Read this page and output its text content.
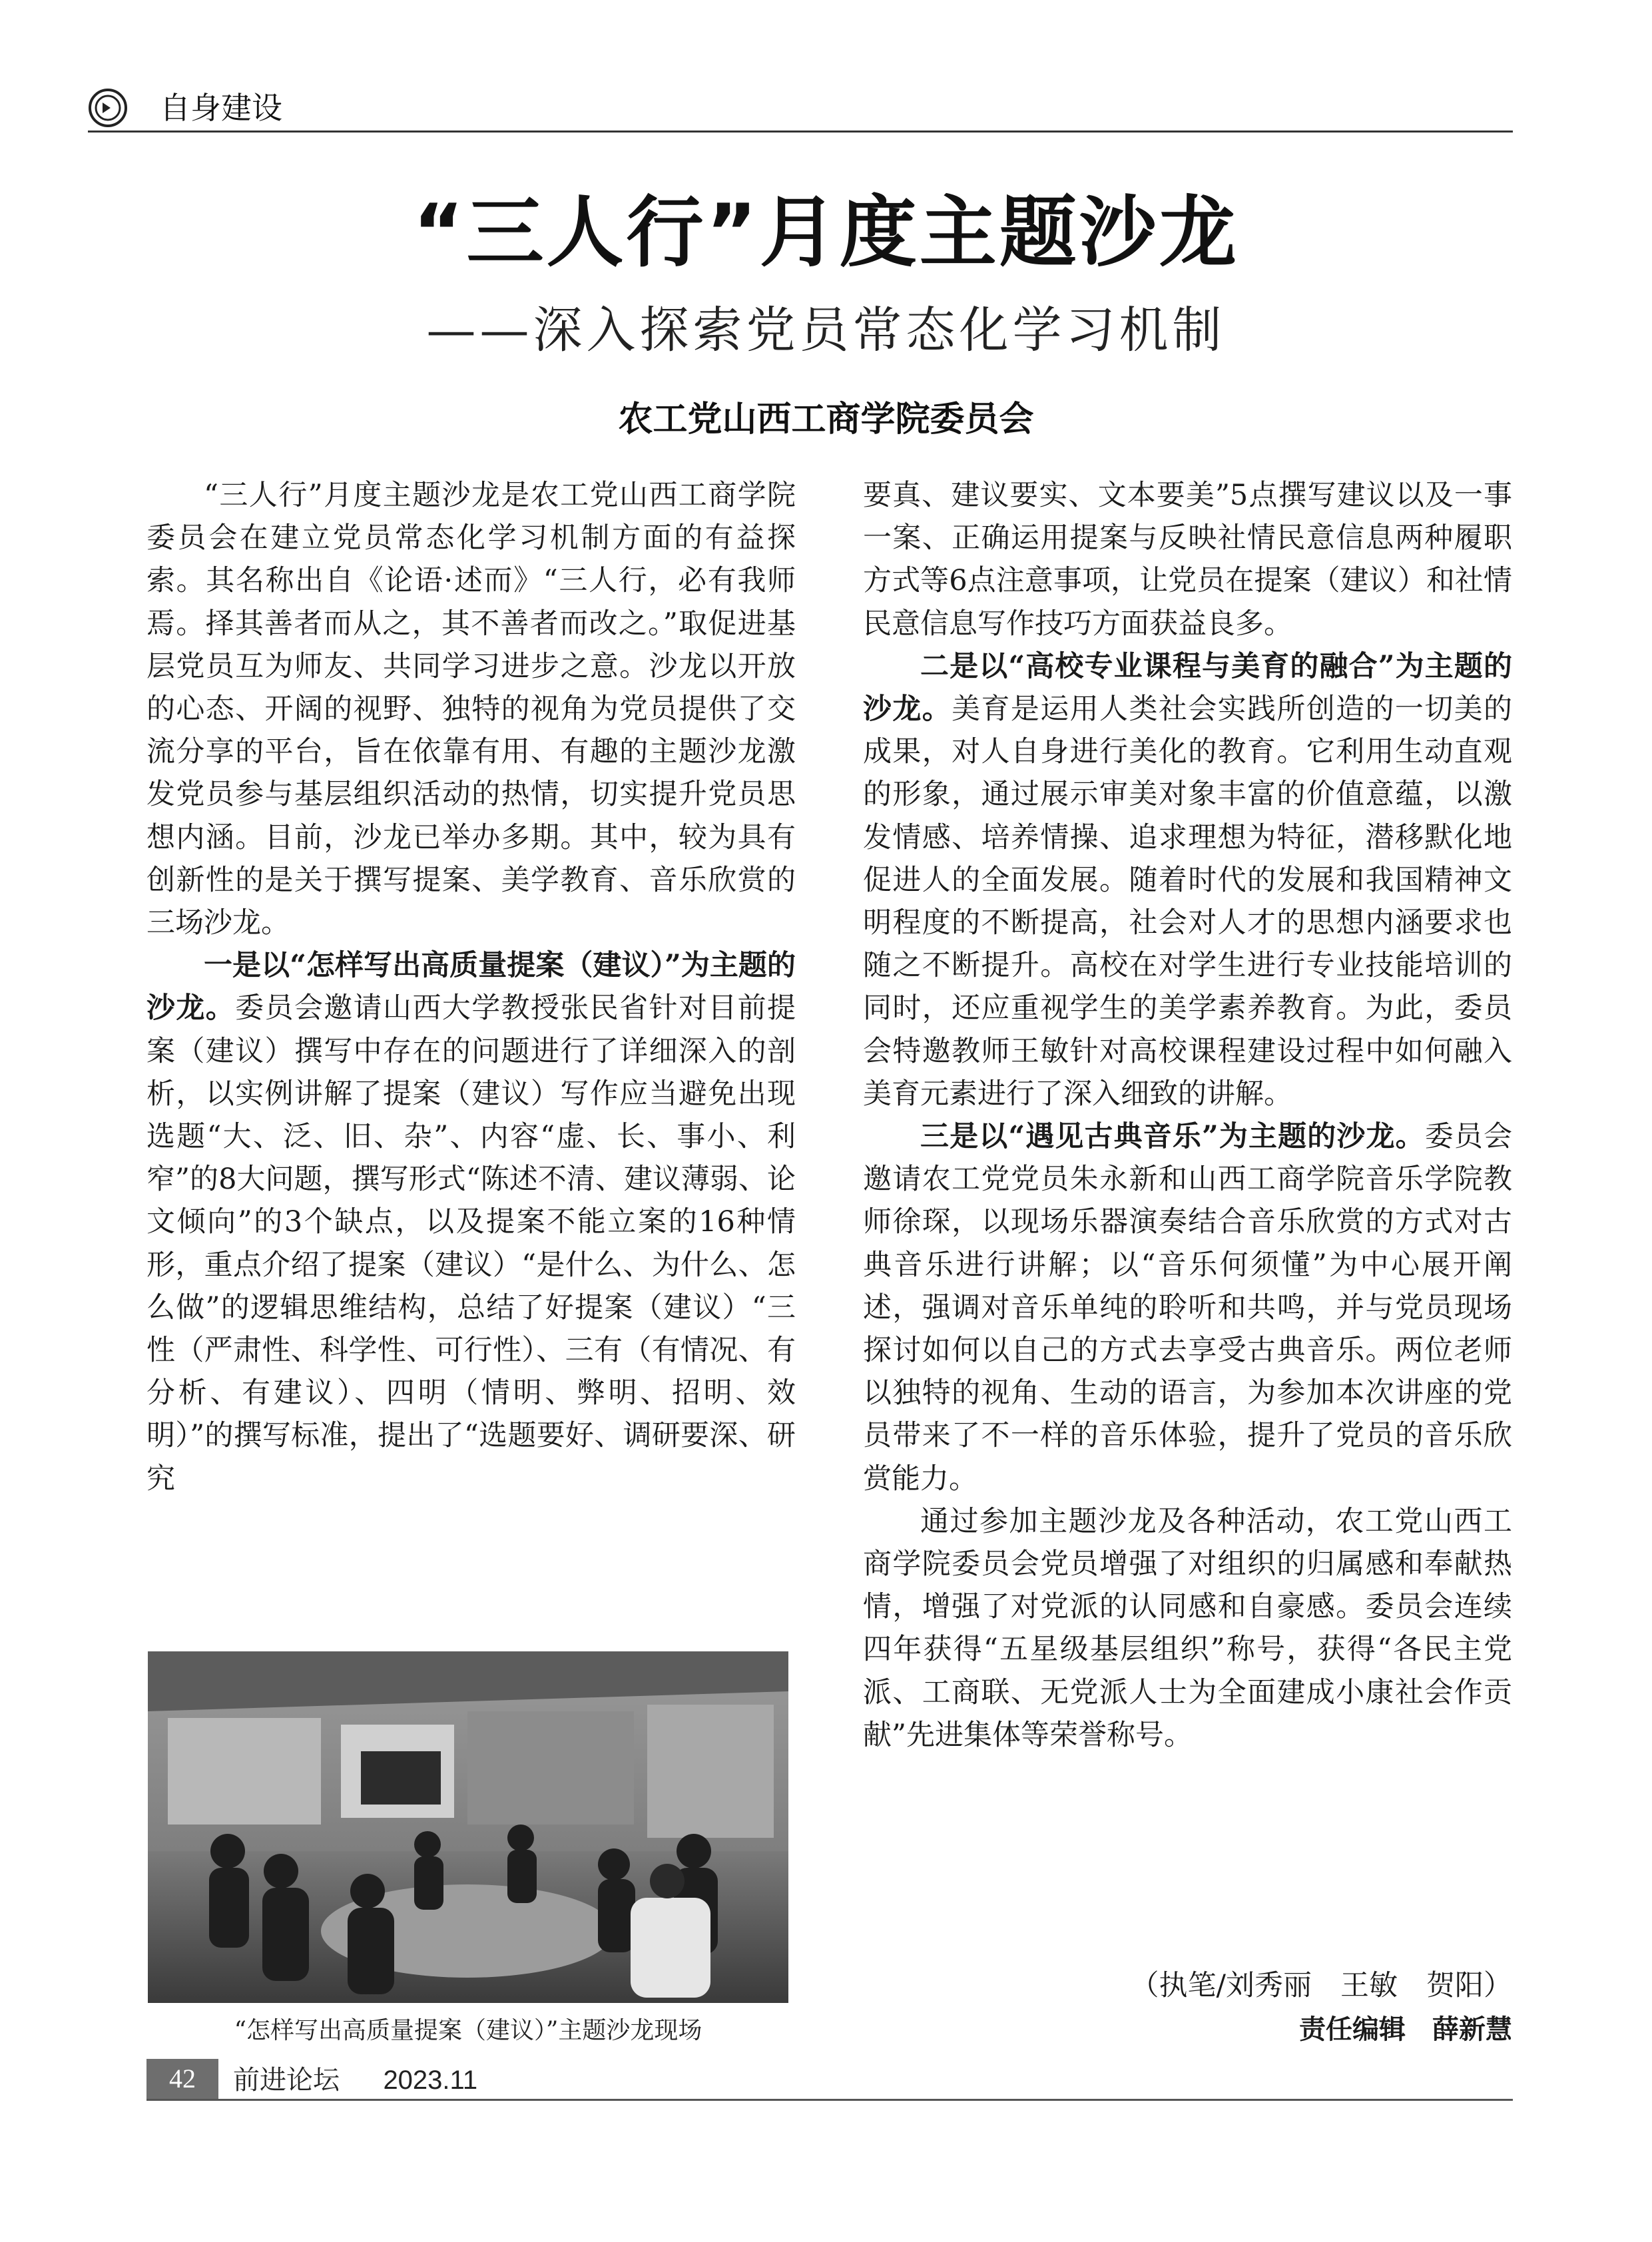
自身建设
“三人行”月度主题沙龙
——深入探索党员常态化学习机制
农工党山西工商学院委员会

“三人行”月度主题沙龙是农工党山西工商学院委员会在建立党员常态化学习机制方面的有益探索。其名称出自《论语·述而》“三人行，必有我师焉。择其善者而从之，其不善者而改之。”取促进基层党员互为师友、共同学习进步之意。沙龙以开放的心态、开阔的视野、独特的视角为党员提供了交流分享的平台，旨在依靠有用、有趣的主题沙龙激发党员参与基层组织活动的热情，切实提升党员思想内涵。目前，沙龙已举办多期。其中，较为具有创新性的是关于撰写提案、美学教育、音乐欣赏的三场沙龙。

一是以“怎样写出高质量提案（建议）”为主题的沙龙。委员会邀请山西大学教授张民省针对目前提案（建议）撰写中存在的问题进行了详细深入的剖析，以实例讲解了提案（建议）写作应当避免出现选题“大、泛、旧、杂”、内容“虚、长、事小、利窄”的8大问题，撰写形式“陈述不清、建议薄弱、论文倾向”的3个缺点，以及提案不能立案的16种情形，重点介绍了提案（建议）“是什么、为什么、怎么做”的逻辑思维结构，总结了好提案（建议）“三性（严肃性、科学性、可行性）、三有（有情况、有分析、有建议）、四明（情明、弊明、招明、效明）”的撰写标准，提出了“选题要好、调研要深、研究

“怎样写出高质量提案（建议）”主题沙龙现场

要真、建议要实、文本要美”5点撰写建议以及一事一案、正确运用提案与反映社情民意信息两种履职方式等6点注意事项，让党员在提案（建议）和社情民意信息写作技巧方面获益良多。

二是以“高校专业课程与美育的融合”为主题的沙龙。美育是运用人类社会实践所创造的一切美的成果，对人自身进行美化的教育。它利用生动直观的形象，通过展示审美对象丰富的价值意蕴，以激发情感、培养情操、追求理想为特征，潜移默化地促进人的全面发展。随着时代的发展和我国精神文明程度的不断提高，社会对人才的思想内涵要求也随之不断提升。高校在对学生进行专业技能培训的同时，还应重视学生的美学素养教育。为此，委员会特邀教师王敏针对高校课程建设过程中如何融入美育元素进行了深入细致的讲解。

三是以“遇见古典音乐”为主题的沙龙。委员会邀请农工党党员朱永新和山西工商学院音乐学院教师徐琛，以现场乐器演奏结合音乐欣赏的方式对古典音乐进行讲解；以“音乐何须懂”为中心展开阐述，强调对音乐单纯的聆听和共鸣，并与党员现场探讨如何以自己的方式去享受古典音乐。两位老师以独特的视角、生动的语言，为参加本次讲座的党员带来了不一样的音乐体验，提升了党员的音乐欣赏能力。

通过参加主题沙龙及各种活动，农工党山西工商学院委员会党员增强了对组织的归属感和奉献热情，增强了对党派的认同感和自豪感。委员会连续四年获得“五星级基层组织”称号，获得“各民主党派、工商联、无党派人士为全面建成小康社会作贡献”先进集体等荣誉称号。

（执笔/刘秀丽　王敏　贺阳）
责任编辑　薛新慧
42	前进论坛 2023.11
